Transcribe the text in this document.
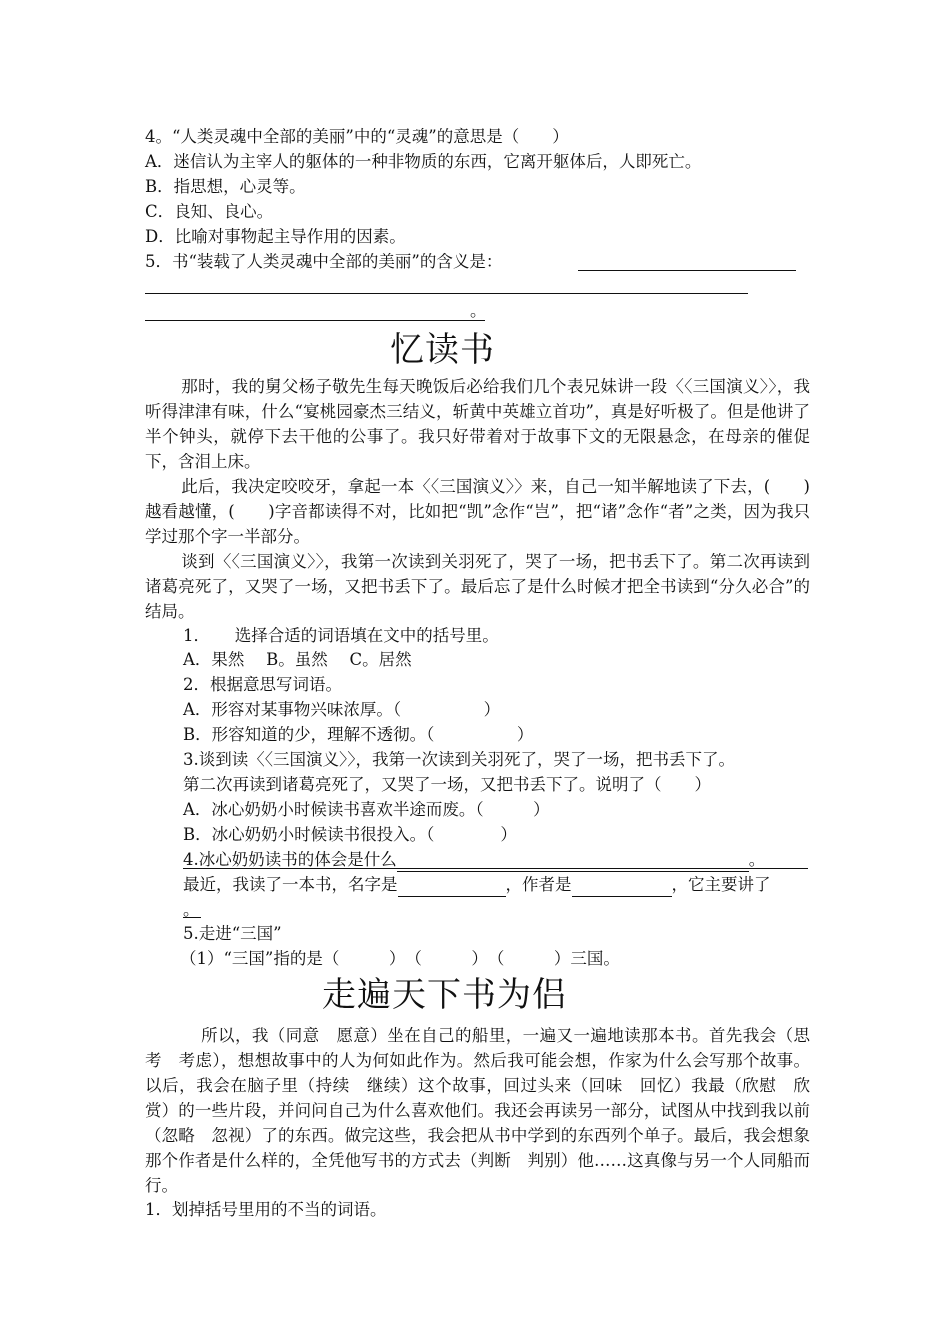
4。“人类灵魂中全部的美丽”中的“灵魂”的意思是（　　）
A．迷信认为主宰人的躯体的一种非物质的东西，它离开躯体后，人即死亡。
B．指思想，心灵等。
C．良知、良心。
D．比喻对事物起主导作用的因素。
5．书“装载了人类灵魂中全部的美丽”的含义是：
。
忆读书
那时，我的舅父杨子敬先生每天晚饭后必给我们几个表兄妹讲一段〈〈三国演义〉〉，我听得津津有味，什么“宴桃园豪杰三结义，斩黄中英雄立首功”，真是好听极了。但是他讲了半个钟头，就停下去干他的公事了。我只好带着对于故事下文的无限悬念，在母亲的催促下，含泪上床。
此后，我决定咬咬牙，拿起一本〈〈三国演义〉〉来，自己一知半解地读了下去，(　　)越看越懂，(　　)字音都读得不对，比如把“凯”念作“岂”，把“诸”念作“者”之类，因为我只学过那个字一半部分。
谈到〈〈三国演义〉〉，我第一次读到关羽死了，哭了一场，把书丢下了。第二次再读到诸葛亮死了，又哭了一场，又把书丢下了。最后忘了是什么时候才把全书读到“分久必合”的结局。
1．　　选择合适的词语填在文中的括号里。
A．果然　 B。虽然　 C。居然
2．根据意思写词语。
A．形容对某事物兴味浓厚。（　　　　　）
B．形容知道的少，理解不透彻。（　　　　　）
3.谈到读〈〈三国演义〉〉，我第一次读到关羽死了，哭了一场，把书丢下了。
第二次再读到诸葛亮死了，又哭了一场，又把书丢下了。说明了（　　）
A．冰心奶奶小时候读书喜欢半途而废。（　　　）
B．冰心奶奶小时候读书很投入。（　　　　）
4.冰心奶奶读书的体会是什么	。
最近，我读了一本书，名字是	，作者是	，它主要讲了
。
5.走进“三国”
（1）“三国”指的是（　　　）　（　　　）　（　　　）三国。
走遍天下书为侣
所以，我（同意　愿意）坐在自己的船里，一遍又一遍地读那本书。首先我会（思考　考虑），想想故事中的人为何如此作为。然后我可能会想，作家为什么会写那个故事。以后，我会在脑子里（持续　继续）这个故事，回过头来（回味　回忆）我最（欣慰　欣赏）的一些片段，并问问自己为什么喜欢他们。我还会再读另一部分，试图从中找到我以前（忽略　忽视）了的东西。做完这些，我会把从书中学到的东西列个单子。最后，我会想象那个作者是什么样的，全凭他写书的方式去（判断　判别）他……这真像与另一个人同船而行。
1．划掉括号里用的不当的词语。
